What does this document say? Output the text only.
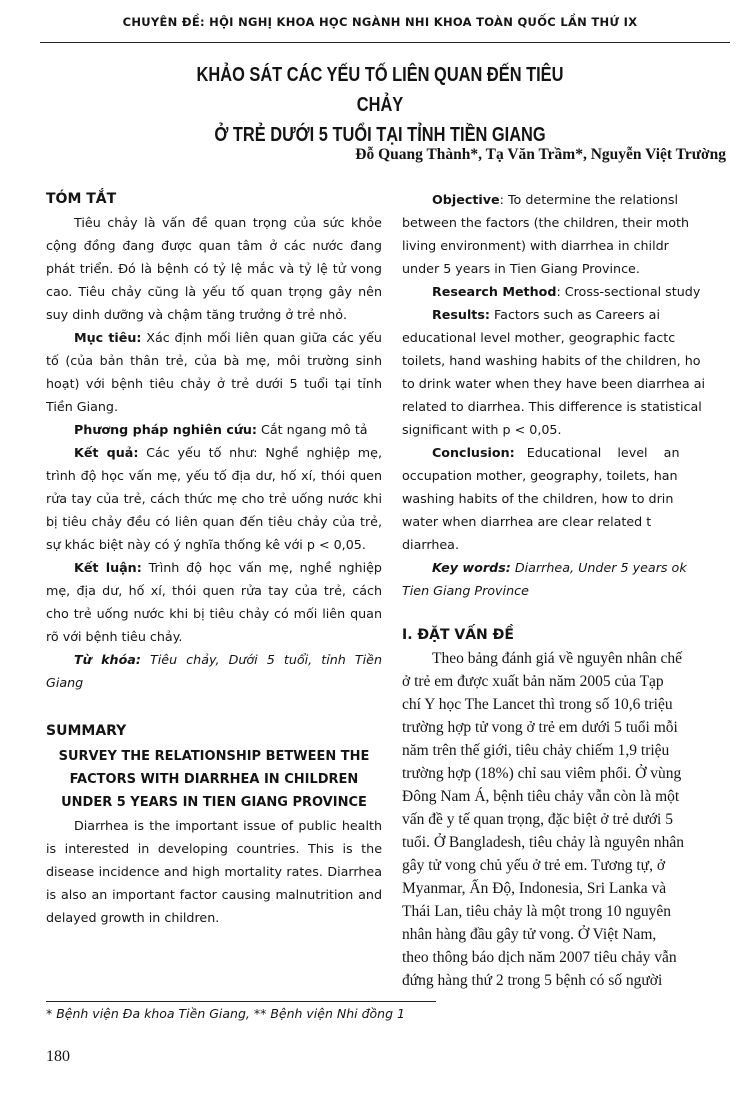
CHUYÊN ĐỀ: HỘI NGHỊ KHOA HỌC NGÀNH NHI KHOA TOÀN QUỐC LẦN THỨ IX
KHẢO SÁT CÁC YẾU TỐ LIÊN QUAN ĐẾN TIÊU CHẢY
Ở TRẺ DƯỚI 5 TUỔI TẠI TỈNH TIỀN GIANG
Đỗ Quang Thành*, Tạ Văn Trầm*, Nguyễn Việt Trường
TÓM TẮT
Tiêu chảy là vấn đề quan trọng của sức khỏe cộng đồng đang được quan tâm ở các nước đang phát triển. Đó là bệnh có tỷ lệ mắc và tỷ lệ tử vong cao. Tiêu chảy cũng là yếu tố quan trọng gây nên suy dinh dưỡng và chậm tăng trưởng ở trẻ nhỏ.
Mục tiêu: Xác định mối liên quan giữa các yếu tố (của bản thân trẻ, của bà mẹ, môi trường sinh hoạt) với bệnh tiêu chảy ở trẻ dưới 5 tuổi tại tỉnh Tiền Giang.
Phương pháp nghiên cứu: Cắt ngang mô tả
Kết quả: Các yếu tố như: Nghề nghiệp mẹ, trình độ học vấn mẹ, yếu tố địa dư, hố xí, thói quen rửa tay của trẻ, cách thức mẹ cho trẻ uống nước khi bị tiêu chảy đều có liên quan đến tiêu chảy của trẻ, sự khác biệt này có ý nghĩa thống kê với p < 0,05.
Kết luận: Trình độ học vấn mẹ, nghề nghiệp mẹ, địa dư, hố xí, thói quen rửa tay của trẻ, cách cho trẻ uống nước khi bị tiêu chảy có mối liên quan rõ với bệnh tiêu chảy.
Từ khóa: Tiêu chảy, Dưới 5 tuổi, tỉnh Tiền Giang
SUMMARY
SURVEY THE RELATIONSHIP BETWEEN THE FACTORS WITH DIARRHEA IN CHILDREN UNDER 5 YEARS IN TIEN GIANG PROVINCE
Diarrhea is the important issue of public health is interested in developing countries. This is the disease incidence and high mortality rates. Diarrhea is also an important factor causing malnutrition and delayed growth in children.
Objective: To determine the relationsl
between the factors (the children, their moth
living environment) with diarrhea in childr
under 5 years in Tien Giang Province.
Research Method: Cross-sectional study
Results: Factors such as Careers ai
educational level mother, geographic factc
toilets, hand washing habits of the children, ho
to drink water when they have been diarrhea ai
related to diarrhea. This difference is statistical
significant with p < 0,05.
Conclusion:   Educational    level    an
occupation mother, geography, toilets, han
washing habits of the children, how to drin
water when diarrhea are clear related t
diarrhea.
Key words: Diarrhea, Under 5 years ok
Tien Giang Province
I. ĐẶT VẤN ĐỀ
Theo bảng đánh giá về nguyên nhân chế
ở trẻ em được xuất bản năm 2005 của Tạp
chí Y học The Lancet thì trong số 10,6 triệu
trường hợp tử vong ở trẻ em dưới 5 tuổi mỗi
năm trên thế giới, tiêu chảy chiếm 1,9 triệu
trường hợp (18%) chỉ sau viêm phổi. Ở vùng
Đông Nam Á, bệnh tiêu chảy vẫn còn là một
vấn đề y tế quan trọng, đặc biệt ở trẻ dưới 5
tuổi. Ở Bangladesh, tiêu chảy là nguyên nhân
gây tử vong chủ yếu ở trẻ em. Tương tự, ở
Myanmar, Ấn Độ, Indonesia, Sri Lanka và
Thái Lan, tiêu chảy là một trong 10 nguyên
nhân hàng đầu gây tử vong. Ở Việt Nam,
theo thông báo dịch năm 2007 tiêu chảy vẫn
đứng hàng thứ 2 trong 5 bệnh có số người
* Bệnh viện Đa khoa Tiền Giang, ** Bệnh viện Nhi đồng 1
180
